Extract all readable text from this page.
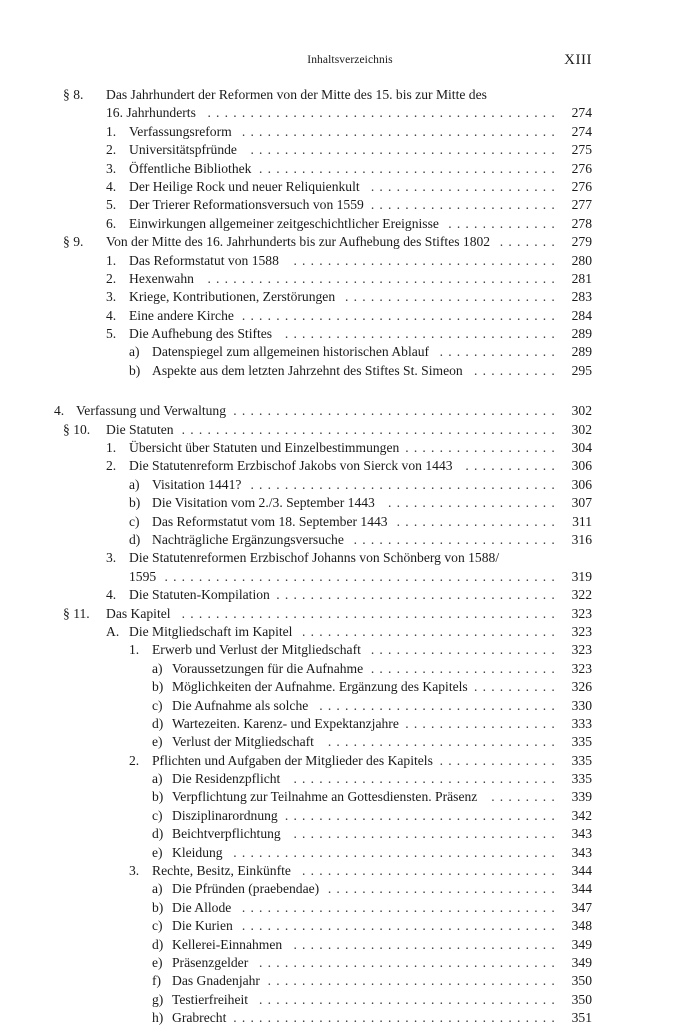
Inhaltsverzeichnis	XIII
§ 8. Das Jahrhundert der Reformen von der Mitte des 15. bis zur Mitte des
16. Jahrhunderts ......................................... 274
1. Verfassungsreform ..................................... 274
2. Universitätspfründe .................................... 275
3. Öffentliche Bibliothek ................................... 276
4. Der Heilige Rock und neuer Reliquienkult ...................... 276
5. Der Trierer Reformationsversuch von 1559 ...................... 277
6. Einwirkungen allgemeiner zeitgeschichtlicher Ereignisse ............. 278
§ 9. Von der Mitte des 16. Jahrhunderts bis zur Aufhebung des Stiftes 1802 ....... 279
1. Das Reformstatut von 1588	............................... 280
2. Hexenwahn ......................................... 281
3. Kriege, Kontributionen, Zerstörungen ......................... 283
4. Eine andere Kirche ..................................... 284
5. Die Aufhebung des Stiftes ................................ 289
a) Datenspiegel zum allgemeinen historischen Ablauf .............. 289
b) Aspekte aus dem letzten Jahrzehnt des Stiftes St. Simeon .......... 295
4. Verfassung und Verwaltung ...................................... 302
§ 10. Die Statuten ............................................ 302
1. Übersicht über Statuten und Einzelbestimmungen .................. 304
2. Die Statutenreform Erzbischof Jakobs von Sierck von 1443 ........... 306
a) Visitation 1441? .................................... 306
b) Die Visitation vom 2./3. September 1443 .................... 307
c) Das Reformstatut vom 18. September 1443 ................... 311
d) Nachträgliche Ergänzungsversuche ........................ 316
3. Die Statutenreformen Erzbischof Johanns von Schönberg von 1588/
1595 .............................................. 319
4. Die Statuten-Kompilation ................................. 322
§ 11. Das Kapitel ............................................ 323
A. Die Mitgliedschaft im Kapitel .............................. 323
1. Erwerb und Verlust der Mitgliedschaft ...................... 323
a) Voraussetzungen für die Aufnahme ...................... 323
b) Möglichkeiten der Aufnahme. Ergänzung des Kapitels .......... 326
c) Die Aufnahme als solche ............................ 330
d) Wartezeiten. Karenz- und Expektanzjahre .................. 333
e) Verlust der Mitgliedschaft	........................... 335
2. Pflichten und Aufgaben der Mitglieder des Kapitels .............. 335
a) Die Residenzpflicht ............................... 335
b) Verpflichtung zur Teilnahme an Gottesdiensten. Präsenz	........ 339
c) Disziplinarordnung ................................ 342
d) Beichtverpflichtung ............................... 343
e) Kleidung ...................................... 343
3. Rechte, Besitz, Einkünfte .............................. 344
a) Die Pfründen (praebendae) ........................... 344
b) Die Allode ..................................... 347
c) Die Kurien ..................................... 348
d) Kellerei-Einnahmen ............................... 349
e) Präsenzgelder ................................... 349
f) Das Gnadenjahr .................................. 350
g) Testierfreiheit ................................... 350
h) Grabrecht ...................................... 351
